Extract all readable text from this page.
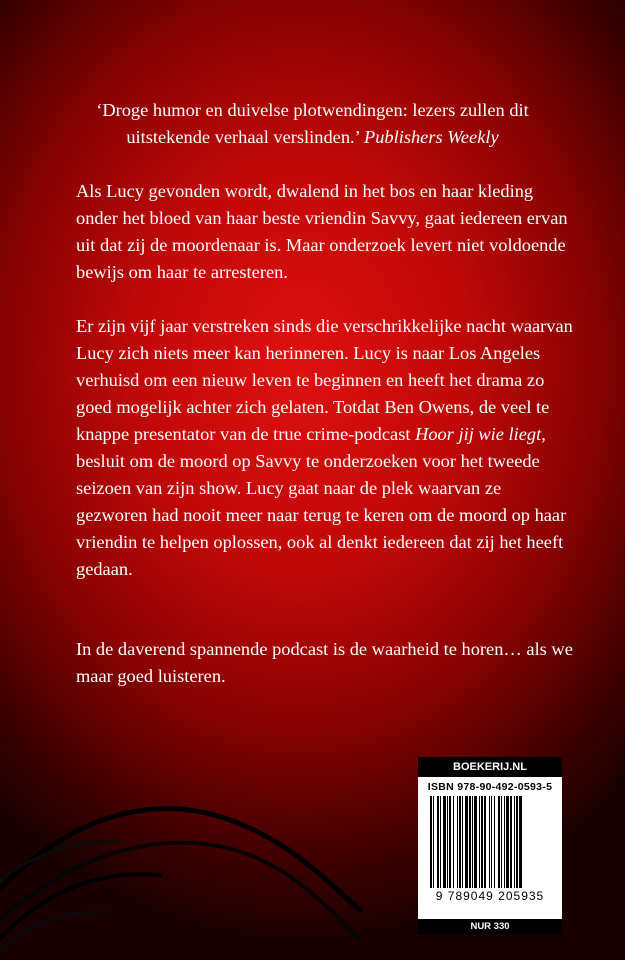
‘Droge humor en duivelse plotwendingen: lezers zullen dit uitstekende verhaal verslinden.’ Publishers Weekly

Als Lucy gevonden wordt, dwalend in het bos en haar kleding onder het bloed van haar beste vriendin Savvy, gaat iedereen ervan uit dat zij de moordenaar is. Maar onderzoek levert niet voldoende bewijs om haar te arresteren.

Er zijn vijf jaar verstreken sinds die verschrikkelijke nacht waarvan Lucy zich niets meer kan herinneren. Lucy is naar Los Angeles verhuisd om een nieuw leven te beginnen en heeft het drama zo goed mogelijk achter zich gelaten. Totdat Ben Owens, de veel te knappe presentator van de true crime-podcast Hoor jij wie liegt, besluit om de moord op Savvy te onderzoeken voor het tweede seizoen van zijn show. Lucy gaat naar de plek waarvan ze gezworen had nooit meer naar terug te keren om de moord op haar vriendin te helpen oplossen, ook al denkt iedereen dat zij het heeft gedaan.

In de daverend spannende podcast is de waarheid te horen… als we maar goed luisteren.

BOEKERIJ.NL
ISBN 978-90-492-0593-5
9 789049 205935
NUR 330
